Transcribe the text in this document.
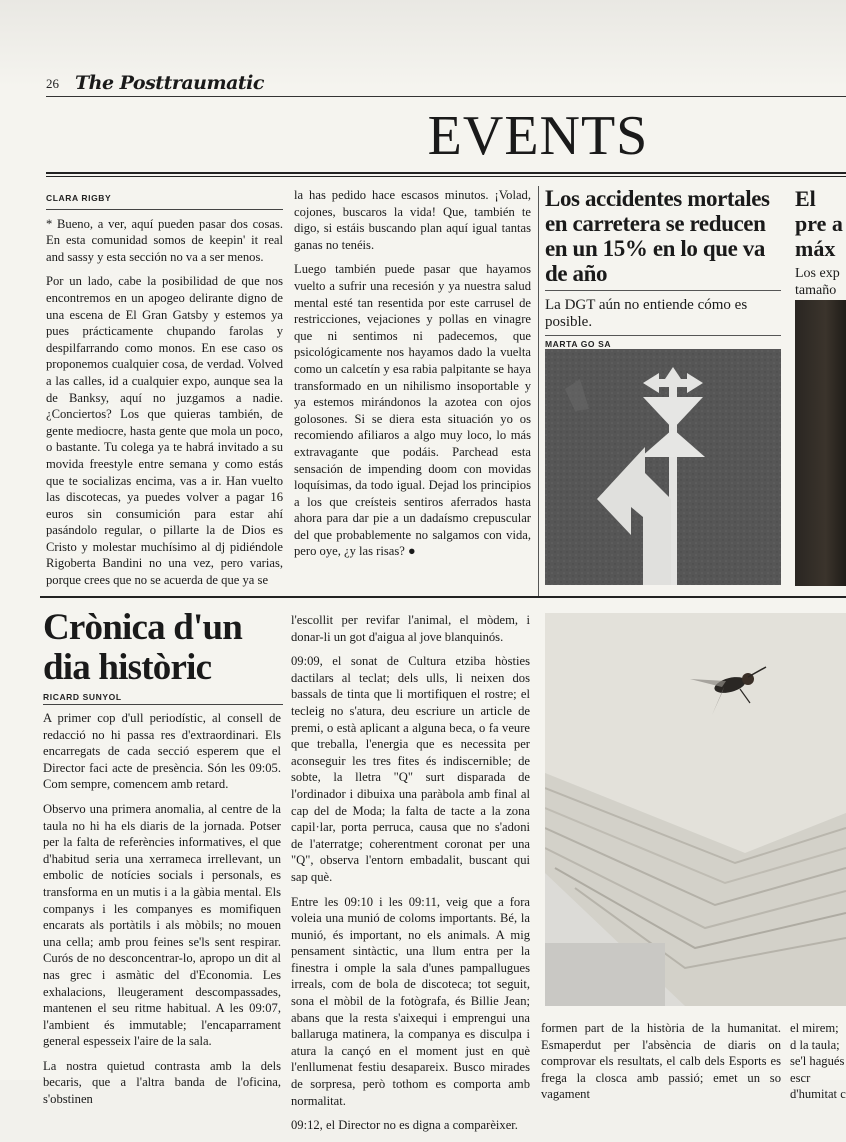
26 The Posttraumatic
EVENTS
CLARA RIGBY

* Bueno, a ver, aquí pueden pasar dos cosas. En esta comunidad somos de keepin' it real and sassy y esta sección no va a ser menos.

Por un lado, cabe la posibilidad de que nos encontremos en un apogeo delirante digno de una escena de El Gran Gatsby y estemos ya pues prácticamente chupando farolas y despilfarrando como monos. En ese caso os proponemos cualquier cosa, de verdad. Volved a las calles, id a cualquier expo, aunque sea la de Banksy, aquí no juzgamos a nadie. ¿Conciertos? Los que quieras también, de gente mediocre, hasta gente que mola un poco, o bastante. Tu colega ya te habrá invitado a su movida freestyle entre semana y como estás que te socializas encima, vas a ir. Han vuelto las discotecas, ya puedes volver a pagar 16 euros sin consumición para estar ahí pasándolo regular, o pillarte la de Dios es Cristo y molestar muchísimo al dj pidiéndole Rigoberta Bandini no una vez, pero varias, porque crees que no se acuerda de que ya se

la has pedido hace escasos minutos. ¡Volad, cojones, buscaros la vida! Que, también te digo, si estáis buscando plan aquí igual tantas ganas no tenéis.

Luego también puede pasar que hayamos vuelto a sufrir una recesión y ya nuestra salud mental esté tan resentida por este carrusel de restricciones, vejaciones y pollas en vinagre que ni sentimos ni padecemos, que psicológicamente nos hayamos dado la vuelta como un calcetín y esa rabia palpitante se haya transformado en un nihilismo insoportable y ya estemos mirándonos la azotea con ojos golosones. Si se diera esta situación yo os recomiendo afiliaros a algo muy loco, lo más extravagante que podáis. Parchead esta sensación de impending doom con movidas loquísimas, da todo igual. Dejad los principios a los que creísteis sentiros aferrados hasta ahora para dar pie a un dadaísmo crepuscular del que probablemente no salgamos con vida, pero oye, ¿y las risas? ●

Los accidentes mortales en carretera se reducen en un 15% en lo que va de año
La DGT aún no entiende cómo es posible.
MARTA GO SA
El pre a máx
Los exp tamaño
Crònica d'un dia històric
RICARD SUNYOL

A primer cop d'ull periodístic, al consell de redacció no hi passa res d'extraordinari. Els encarregats de cada secció esperem que el Director faci acte de presència. Són les 09:05. Com sempre, comencem amb retard.

Observo una primera anomalia, al centre de la taula no hi ha els diaris de la jornada. Potser per la falta de referències informatives, el que d'habitud seria una xerrameca irrellevant, un embolic de notícies socials i personals, es transforma en un mutis i a la gàbia mental. Els companys i les companyes es momifiquen encarats als portàtils i als mòbils; no mouen una cella; amb prou feines se'ls sent respirar. Curós de no desconcentrar-lo, apropo un dit al nas grec i asmàtic del d'Economia. Les exhalacions, lleugerament descompassades, mantenen el seu ritme habitual. A les 09:07, l'ambient és immutable; l'encaparrament general espesseix l'aire de la sala.

La nostra quietud contrasta amb la dels becaris, que a l'altra banda de l'oficina, s'obstinen

l'escollit per revifar l'animal, el mòdem, i donar-li un got d'aigua al jove blanquinós.

09:09, el sonat de Cultura etziba hòsties dactilars al teclat; dels ulls, li neixen dos bassals de tinta que li mortifiquen el rostre; el tecleig no s'atura, deu escriure un article de premi, o està aplicant a alguna beca, o fa veure que treballa, l'energia que es necessita per aconseguir les tres fites és indiscernible; de sobte, la lletra "Q" surt disparada de l'ordinador i dibuixa una paràbola amb final al cap del de Moda; la falta de tacte a la zona capil·lar, porta perruca, causa que no s'adoni de l'aterratge; coherentment coronat per una "Q", observa l'entorn embadalit, buscant qui sap què.

Entre les 09:10 i les 09:11, veig que a fora voleia una munió de coloms importants. Bé, la munió, és important, no els animals. A mig pensament sintàctic, una llum entra per la finestra i omple la sala d'unes pampallugues irreals, com de bola de discoteca; tot seguit, sona el mòbil de la fotògrafa, és Billie Jean; abans que la resta s'aixequi i emprengui una ballaruga matinera, la companya es disculpa i atura la cançó en el moment just en què l'enllumenat festiu desapareix. Busco mirades de sorpresa, però tothom es comporta amb normalitat.

09:12, el Director no es digna a comparèixer.

formen part de la història de la humanitat. Esmaperdut per l'absència de diaris on comprovar els resultats, el calb dels Esports es frega la closca amb passió; emet un so vagament

el mirem; d la taula; se'l hagués escr d'humitat c
